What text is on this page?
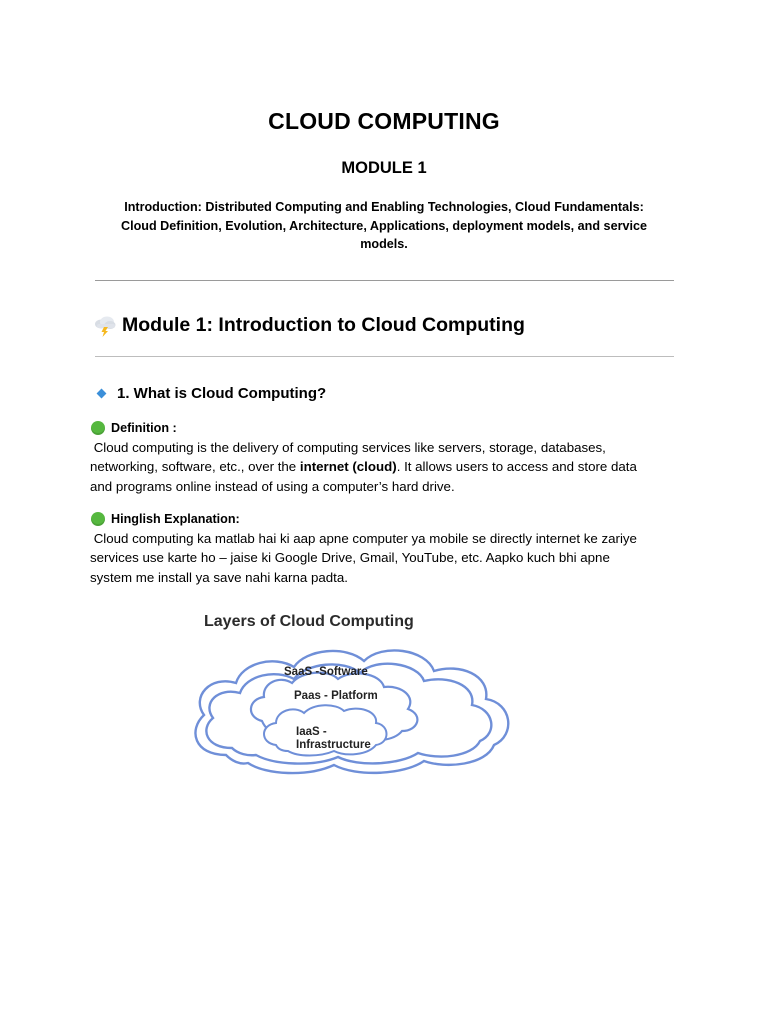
CLOUD COMPUTING
MODULE 1
Introduction: Distributed Computing and Enabling Technologies, Cloud Fundamentals:
Cloud Definition, Evolution, Architecture, Applications, deployment models, and service
models.
Module 1: Introduction to Cloud Computing
1. What is Cloud Computing?
Definition :
Cloud computing is the delivery of computing services like servers, storage, databases,
networking, software, etc., over the internet (cloud). It allows users to access and store data
and programs online instead of using a computer’s hard drive.
Hinglish Explanation:
Cloud computing ka matlab hai ki aap apne computer ya mobile se directly internet ke zariye
services use karte ho – jaise ki Google Drive, Gmail, YouTube, etc. Aapko kuch bhi apne
system me install ya save nahi karna padta.
Layers of Cloud Computing
SaaS -Software
Paas - Platform
IaaS -
Infrastructure
